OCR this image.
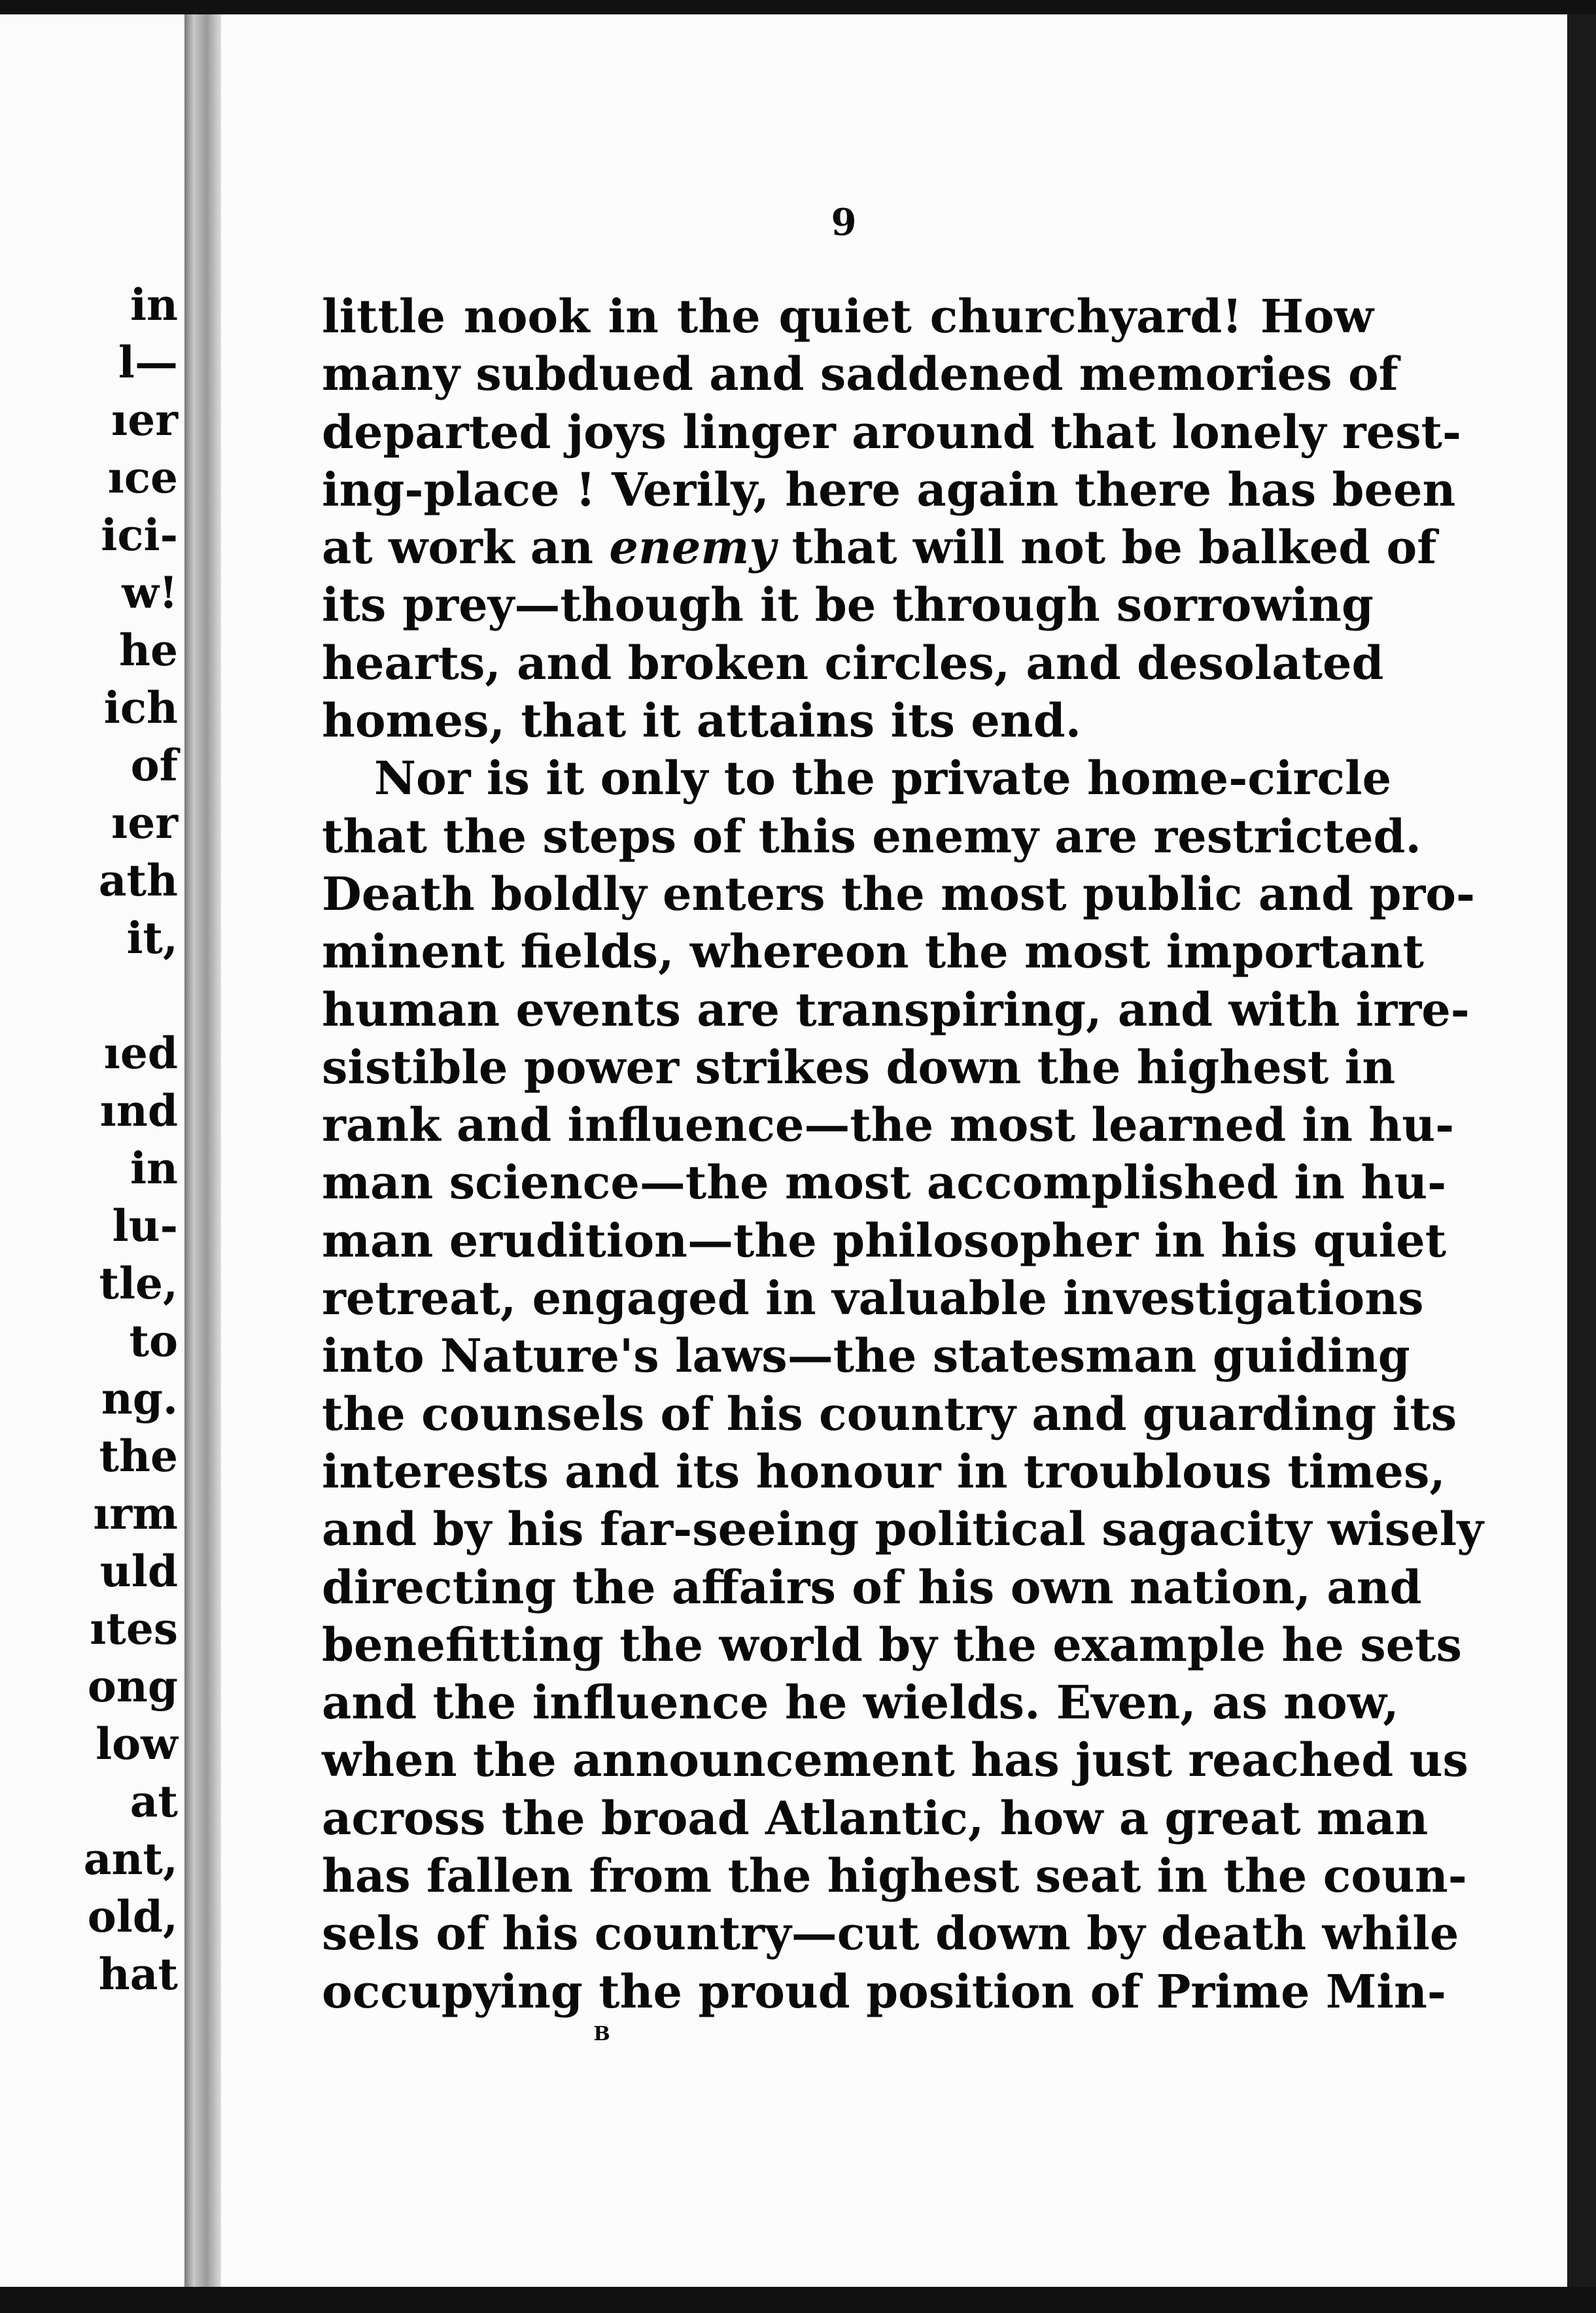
in
l—
ıer
ıce
ici-
w!
he
ich
of
ıer
ath
it,
ıed
ınd
in
lu-
tle,
to
ng.
the
ırm
uld
ıtes
ong
low
at
ant,
old,
hat
9
little nook in the quiet churchyard! How
many subdued and saddened memories of
departed joys linger around that lonely rest-
ing-place ! Verily, here again there has been
at work an enemy that will not be balked of
its prey—though it be through sorrowing
hearts, and broken circles, and desolated
homes, that it attains its end.
Nor is it only to the private home-circle
that the steps of this enemy are restricted.
Death boldly enters the most public and pro-
minent fields, whereon the most important
human events are transpiring, and with irre-
sistible power strikes down the highest in
rank and influence—the most learned in hu-
man science—the most accomplished in hu-
man erudition—the philosopher in his quiet
retreat, engaged in valuable investigations
into Nature's laws—the statesman guiding
the counsels of his country and guarding its
interests and its honour in troublous times,
and by his far-seeing political sagacity wisely
directing the affairs of his own nation, and
benefitting the world by the example he sets
and the influence he wields. Even, as now,
when the announcement has just reached us
across the broad Atlantic, how a great man
has fallen from the highest seat in the coun-
sels of his country—cut down by death while
occupying the proud position of Prime Min-
B
